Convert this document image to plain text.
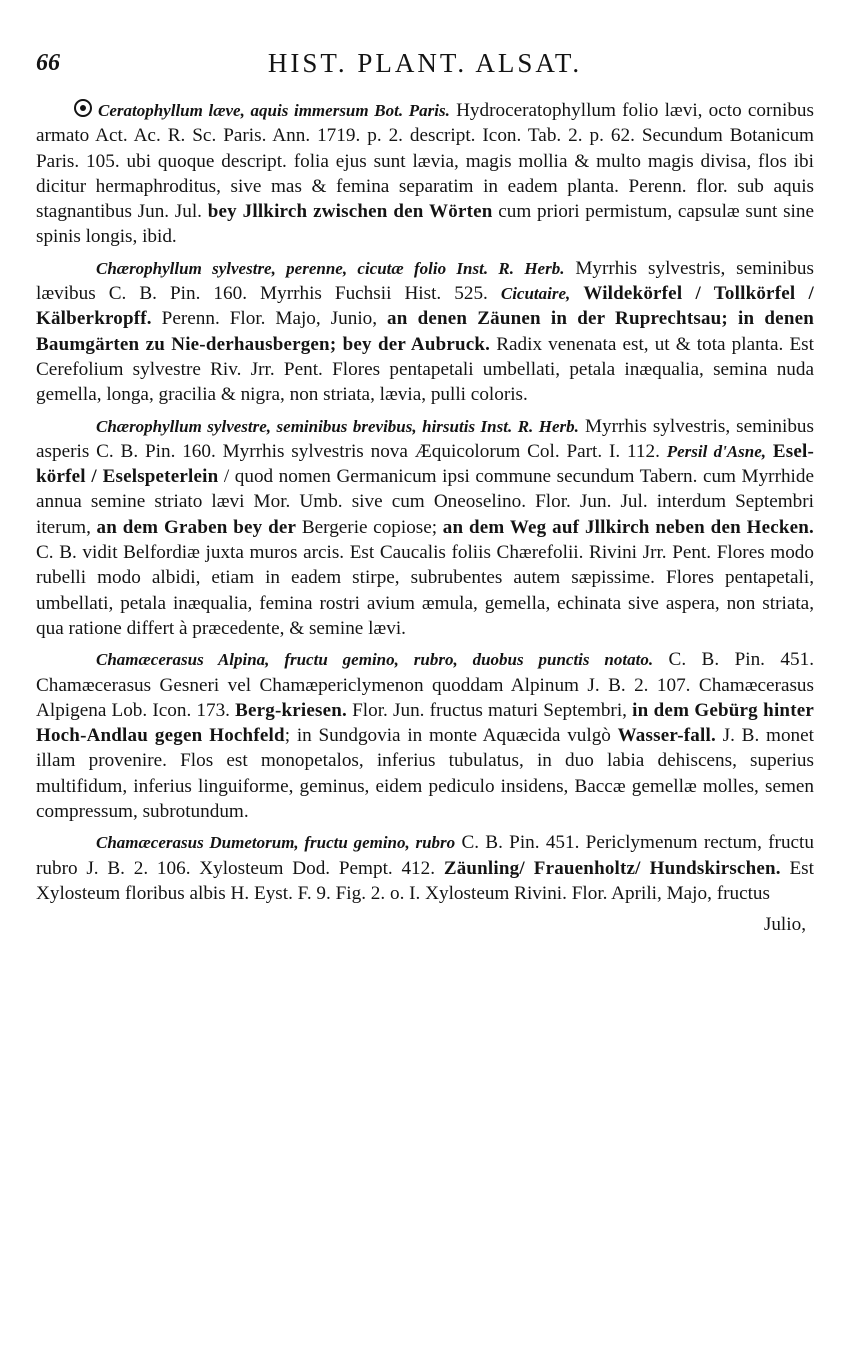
66	HIST. PLANT. ALSAT.

Ceratophyllum læve, aquis immersum Bot. Paris. Hydroceratophyllum folio lævi, octo cornibus armato Act. Ac. R. Sc. Paris. Ann. 1719. p. 2. descript. Icon. Tab. 2. p. 62. Secundum Botanicum Paris. 105. ubi quoque descript. folia ejus sunt lævia, magis mollia & multo magis divisa, flos ibi dicitur hermaphroditus, sive mas & femina separatim in eadem planta. Perenn. flor. sub aquis stagnantibus Jun. Jul. bey Jllkirch zwischen den Wörten cum priori permistum, capsulæ sunt sine spinis longis, ibid.

Chærophyllum sylvestre, perenne, cicutæ folio Inst. R. Herb. Myrrhis sylvestris, seminibus lævibus C. B. Pin. 160. Myrrhis Fuchsii Hist. 525. Cicutaire, Wildekörfel / Tollkörfel / Kälberkropff. Perenn. Flor. Majo, Junio, an denen Zäunen in der Ruprechtsau; in denen Baumgärten zu Nie-derhausbergen; bey der Aubruck. Radix venenata est, ut & tota planta. Est Cerefolium sylvestre Riv. Jrr. Pent. Flores pentapetali umbellati, petala inæqualia, semina nuda gemella, longa, gracilia & nigra, non striata, lævia, pulli coloris.

Chærophyllum sylvestre, seminibus brevibus, hirsutis Inst. R. Herb. Myrrhis sylvestris, seminibus asperis C. B. Pin. 160. Myrrhis sylvestris nova Æquicolorum Col. Part. I. 112. Persil d'Asne, Esel-körfel / Eselspeterlein / quod nomen Germanicum ipsi commune secundum Tabern. cum Myrrhide annua semine striato lævi Mor. Umb. sive cum Oneoselino. Flor. Jun. Jul. interdum Septembri iterum, an dem Graben bey der Bergerie copiose; an dem Weg auf Jllkirch neben den Hecken. C. B. vidit Belfordiæ juxta muros arcis. Est Caucalis foliis Chærefolii. Rivini Jrr. Pent. Flores modo rubelli modo albidi, etiam in eadem stirpe, subrubentes autem sæpissime. Flores pentapetali, umbellati, petala inæqualia, femina rostri avium æmula, gemella, echinata sive aspera, non striata, qua ratione differt à præcedente, & semine lævi.

Chamæcerasus Alpina, fructu gemino, rubro, duobus punctis notato. C. B. Pin. 451. Chamæcerasus Gesneri vel Chamæpericlymenon quoddam Alpinum J. B. 2. 107. Chamæcerasus Alpigena Lob. Icon. 173. Berg-kriesen. Flor. Jun. fructus maturi Septembri, in dem Gebürg hinter Hoch-Andlau gegen Hochfeld; in Sundgovia in monte Aquæcida vulgò Wasser-fall. J. B. monet illam provenire. Flos est monopetalos, inferius tubulatus, in duo labia dehiscens, superius multifidum, inferius linguiforme, geminus, eidem pediculo insidens, Baccæ gemellæ molles, semen compressum, subrotundum.

Chamæcerasus Dumetorum, fructu gemino, rubro C. B. Pin. 451. Periclymenum rectum, fructu rubro J. B. 2. 106. Xylosteum Dod. Pempt. 412. Zäunling/ Frauenholtz/ Hundskirschen. Est Xylosteum floribus albis H. Eyst. F. 9. Fig. 2. o. I. Xylosteum Rivini. Flor. Aprili, Majo, fructus

Julio,
